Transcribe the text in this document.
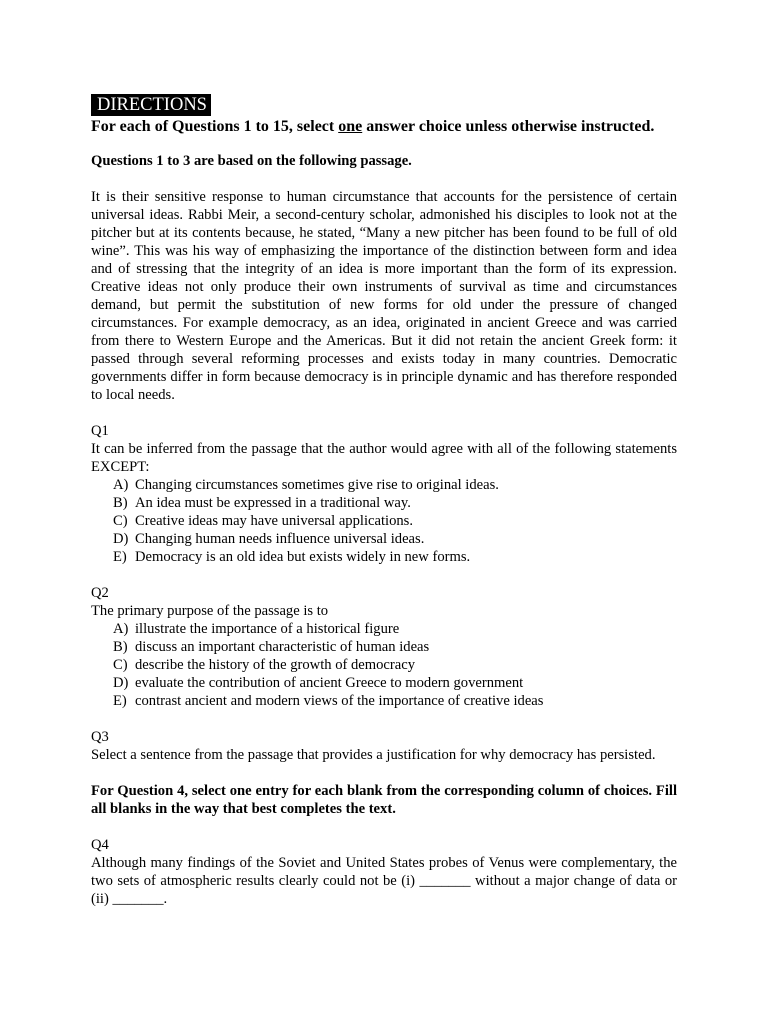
DIRECTIONS

For each of Questions 1 to 15, select one answer choice unless otherwise instructed.

Questions 1 to 3 are based on the following passage.

It is their sensitive response to human circumstance that accounts for the persistence of certain universal ideas. Rabbi Meir, a second-century scholar, admonished his disciples to look not at the pitcher but at its contents because, he stated, “Many a new pitcher has been found to be full of old wine”. This was his way of emphasizing the importance of the distinction between form and idea and of stressing that the integrity of an idea is more important than the form of its expression. Creative ideas not only produce their own instruments of survival as time and circumstances demand, but permit the substitution of new forms for old under the pressure of changed circumstances. For example democracy, as an idea, originated in ancient Greece and was carried from there to Western Europe and the Americas. But it did not retain the ancient Greek form: it passed through several reforming processes and exists today in many countries. Democratic governments differ in form because democracy is in principle dynamic and has therefore responded to local needs.

Q1

It can be inferred from the passage that the author would agree with all of the following statements EXCEPT:

A) Changing circumstances sometimes give rise to original ideas.
B) An idea must be expressed in a traditional way.
C) Creative ideas may have universal applications.
D) Changing human needs influence universal ideas.
E) Democracy is an old idea but exists widely in new forms.

Q2

The primary purpose of the passage is to

A) illustrate the importance of a historical figure
B) discuss an important characteristic of human ideas
C) describe the history of the growth of democracy
D) evaluate the contribution of ancient Greece to modern government
E) contrast ancient and modern views of the importance of creative ideas

Q3

Select a sentence from the passage that provides a justification for why democracy has persisted.

For Question 4, select one entry for each blank from the corresponding column of choices. Fill all blanks in the way that best completes the text.

Q4

Although many findings of the Soviet and United States probes of Venus were complementary, the two sets of atmospheric results clearly could not be (i) _______ without a major change of data or (ii) _______.
